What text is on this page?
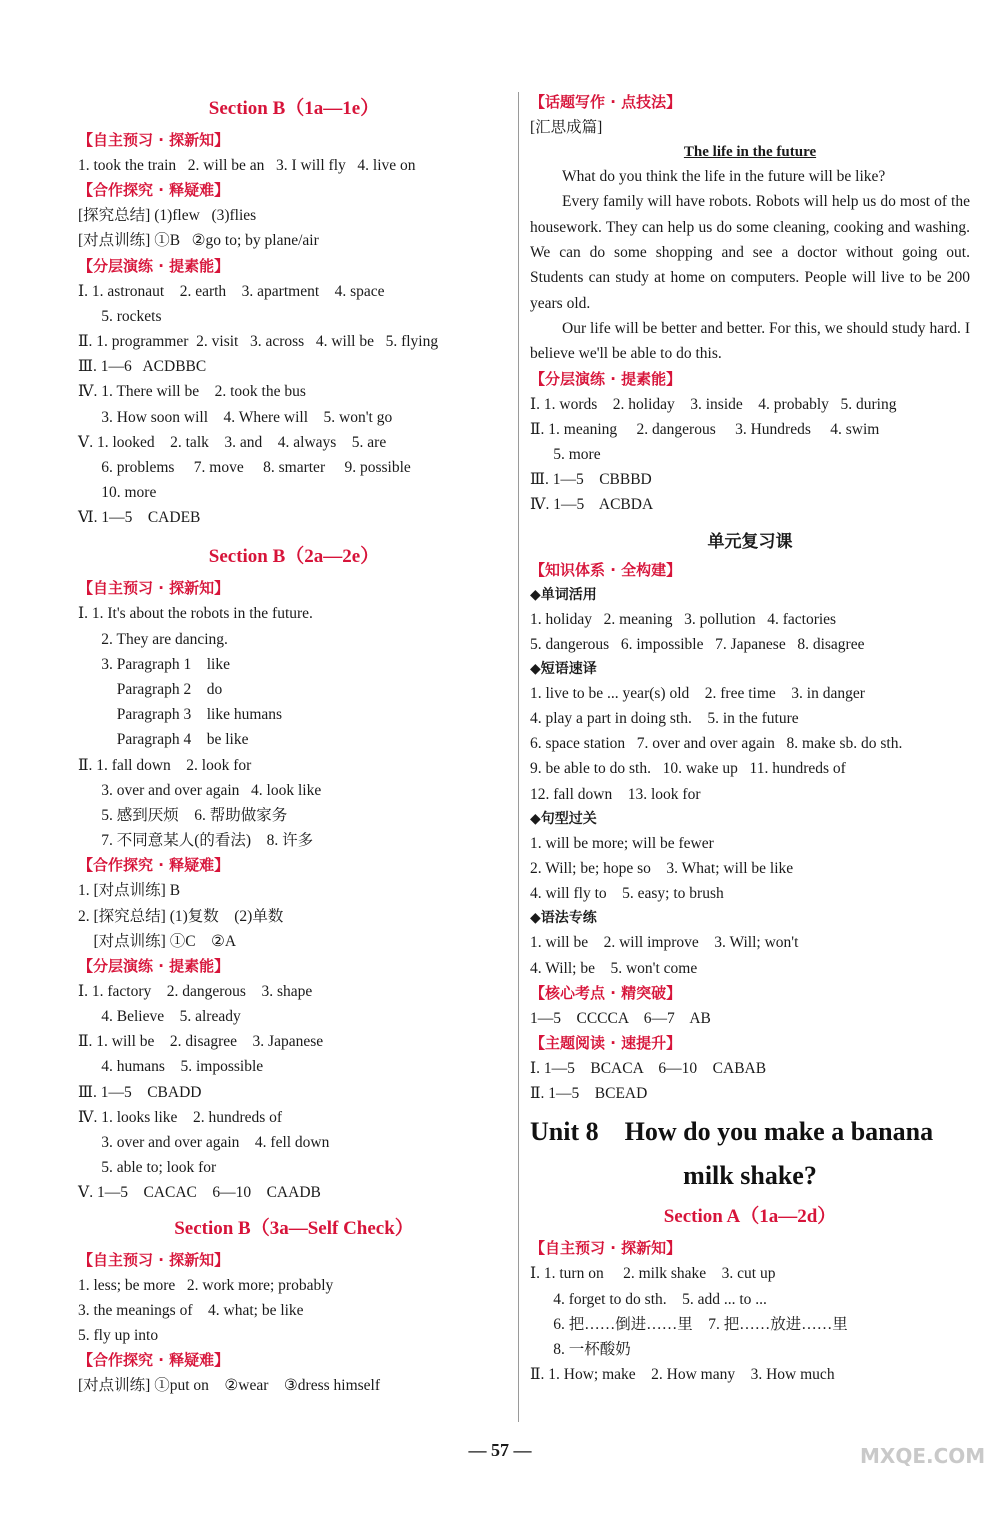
Section B（1a—1e）
【自主预习 · 探新知】
1. took the train   2. will be an   3. I will fly   4. live on
【合作探究 · 释疑难】
[探究总结] (1)flew   (3)flies
[对点训练] ①B   ②go to; by plane/air
【分层演练 · 提素能】
Ⅰ. 1. astronaut    2. earth    3. apartment    4. space
5. rockets
Ⅱ. 1. programmer  2. visit   3. across   4. will be   5. flying
Ⅲ. 1—6   ACDBBC
Ⅳ. 1. There will be    2. took the bus
3. How soon will    4. Where will    5. won't go
Ⅴ. 1. looked    2. talk    3. and    4. always    5. are
6. problems     7. move     8. smarter     9. possible
10. more
Ⅵ. 1—5    CADEB
Section B（2a—2e）
【自主预习 · 探新知】
Ⅰ. 1. It's about the robots in the future.
2. They are dancing.
3. Paragraph 1    like
Paragraph 2    do
Paragraph 3    like humans
Paragraph 4    be like
Ⅱ. 1. fall down    2. look for
3. over and over again   4. look like
5. 感到厌烦    6. 帮助做家务
7. 不同意某人(的看法)    8. 许多
【合作探究 · 释疑难】
1. [对点训练] B
2. [探究总结] (1)复数    (2)单数
[对点训练] ①C    ②A
【分层演练 · 提素能】
Ⅰ. 1. factory    2. dangerous    3. shape
4. Believe    5. already
Ⅱ. 1. will be    2. disagree    3. Japanese
4. humans    5. impossible
Ⅲ. 1—5    CBADD
Ⅳ. 1. looks like    2. hundreds of
3. over and over again    4. fell down
5. able to; look for
Ⅴ. 1—5    CACAC    6—10    CAADB
Section B（3a—Self Check）
【自主预习 · 探新知】
1. less; be more   2. work more; probably
3. the meanings of    4. what; be like
5. fly up into
【合作探究 · 释疑难】
[对点训练] ①put on    ②wear    ③dress himself
【话题写作 · 点技法】
[汇思成篇]
The life in the future
What do you think the life in the future will be like?
Every family will have robots. Robots will help us do most of the housework. They can help us do some cleaning, cooking and washing. We can do some shopping and see a doctor without going out. Students can study at home on computers. People will live to be 200 years old.
Our life will be better and better. For this, we should study hard. I believe we'll be able to do this.
【分层演练 · 提素能】
Ⅰ. 1. words    2. holiday    3. inside    4. probably   5. during
Ⅱ. 1. meaning     2. dangerous     3. Hundreds     4. swim
5. more
Ⅲ. 1—5    CBBBD
Ⅳ. 1—5    ACBDA
单元复习课
【知识体系 · 全构建】
◆单词活用
1. holiday   2. meaning   3. pollution   4. factories
5. dangerous   6. impossible   7. Japanese   8. disagree
◆短语速译
1. live to be ... year(s) old    2. free time    3. in danger
4. play a part in doing sth.    5. in the future
6. space station   7. over and over again   8. make sb. do sth.
9. be able to do sth.   10. wake up   11. hundreds of
12. fall down    13. look for
◆句型过关
1. will be more; will be fewer
2. Will; be; hope so    3. What; will be like
4. will fly to    5. easy; to brush
◆语法专练
1. will be    2. will improve    3. Will; won't
4. Will; be    5. won't come
【核心考点 · 精突破】
1—5    CCCCA    6—7    AB
【主题阅读 · 速提升】
Ⅰ. 1—5    BCACA    6—10    CABAB
Ⅱ. 1—5    BCEAD
Unit 8    How do you make a banana
milk shake?
Section A（1a—2d）
【自主预习 · 探新知】
Ⅰ. 1. turn on     2. milk shake    3. cut up
4. forget to do sth.    5. add ... to ...
6. 把……倒进……里    7. 把……放进……里
8. 一杯酸奶
Ⅱ. 1. How; make    2. How many    3. How much
— 57 —	MXQE.COM
